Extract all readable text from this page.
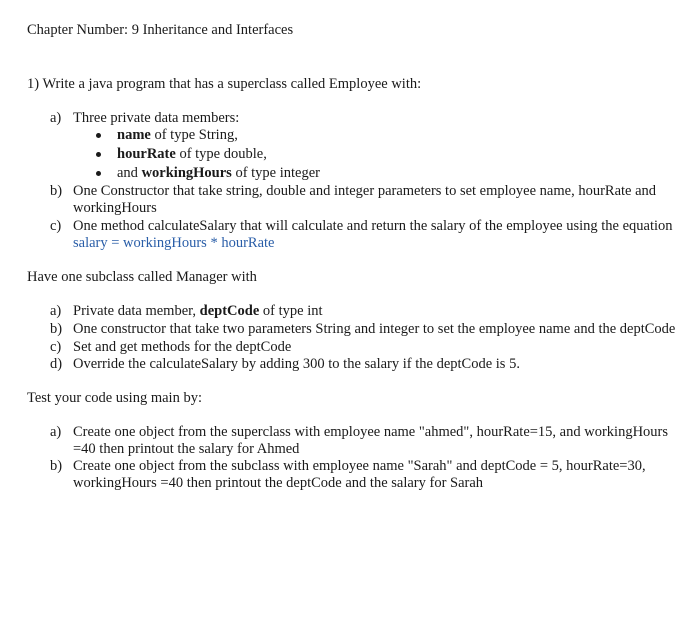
Chapter Number: 9 Inheritance and Interfaces
1) Write a java program that has a superclass called Employee with:
a) Three private data members:
name of type String,
hourRate of type double,
and workingHours of type integer
b) One Constructor that take string, double and integer parameters to set employee name, hourRate and
workingHours
c) One method calculateSalary that will calculate and return the salary of the employee using the equation
salary = workingHours * hourRate
Have one subclass called Manager with
a) Private data member, deptCode of type int
b) One constructor that take two parameters String and integer to set the employee name and the deptCode
c) Set and get methods for the deptCode
d) Override the calculateSalary by adding 300 to the salary if the deptCode is 5.
Test your code using main by:
a) Create one object from the superclass with employee name "ahmed", hourRate=15, and workingHours
=40 then printout the salary for Ahmed
b) Create one object from the subclass with employee name "Sarah" and deptCode = 5, hourRate=30,
workingHours =40 then printout the deptCode and the salary for Sarah
